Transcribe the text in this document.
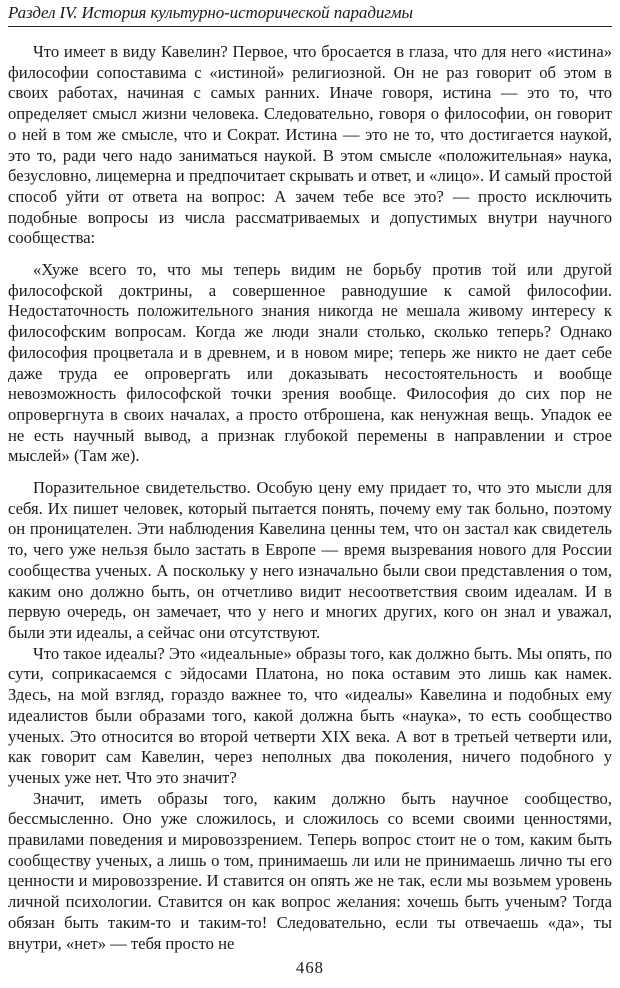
Раздел IV. История культурно-исторической парадигмы

Что имеет в виду Кавелин? Первое, что бросается в глаза, что для него «истина» философии сопоставима с «истиной» религиозной. Он не раз говорит об этом в своих работах, начиная с самых ранних. Иначе говоря, истина — это то, что определяет смысл жизни человека. Следовательно, говоря о философии, он говорит о ней в том же смысле, что и Сократ. Истина — это не то, что достигается наукой, это то, ради чего надо заниматься наукой. В этом смысле «положительная» наука, безусловно, лицемерна и предпочитает скрывать и ответ, и «лицо». И самый простой способ уйти от ответа на вопрос: А зачем тебе все это? — просто исключить подобные вопросы из числа рассматриваемых и допустимых внутри научного сообщества:

«Хуже всего то, что мы теперь видим не борьбу против той или другой философской доктрины, а совершенное равнодушие к самой философии. Недостаточность положительного знания никогда не мешала живому интересу к философским вопросам. Когда же люди знали столько, сколько теперь? Однако философия процветала и в древнем, и в новом мире; теперь же никто не дает себе даже труда ее опровергать или доказывать несостоятельность и вообще невозможность философской точки зрения вообще. Философия до сих пор не опровергнута в своих началах, а просто отброшена, как ненужная вещь. Упадок ее не есть научный вывод, а признак глубокой перемены в направлении и строе мыслей» (Там же).

Поразительное свидетельство. Особую цену ему придает то, что это мысли для себя. Их пишет человек, который пытается понять, почему ему так больно, поэтому он проницателен. Эти наблюдения Кавелина ценны тем, что он застал как свидетель то, чего уже нельзя было застать в Европе — время вызревания нового для России сообщества ученых. А поскольку у него изначально были свои представления о том, каким оно должно быть, он отчетливо видит несоответствия своим идеалам. И в первую очередь, он замечает, что у него и многих других, кого он знал и уважал, были эти идеалы, а сейчас они отсутствуют.

Что такое идеалы? Это «идеальные» образы того, как должно быть. Мы опять, по сути, соприкасаемся с эйдосами Платона, но пока оставим это лишь как намек. Здесь, на мой взгляд, гораздо важнее то, что «идеалы» Кавелина и подобных ему идеалистов были образами того, какой должна быть «наука», то есть сообщество ученых. Это относится во второй четверти XIX века. А вот в третьей четверти или, как говорит сам Кавелин, через неполных два поколения, ничего подобного у ученых уже нет. Что это значит?

Значит, иметь образы того, каким должно быть научное сообщество, бессмысленно. Оно уже сложилось, и сложилось со всеми своими ценностями, правилами поведения и мировоззрением. Теперь вопрос стоит не о том, каким быть сообществу ученых, а лишь о том, принимаешь ли или не принимаешь лично ты его ценности и мировоззрение. И ставится он опять же не так, если мы возьмем уровень личной психологии. Ставится он как вопрос желания: хочешь быть ученым? Тогда обязан быть таким-то и таким-то! Следовательно, если ты отвечаешь «да», ты внутри, «нет» — тебя просто не

468
